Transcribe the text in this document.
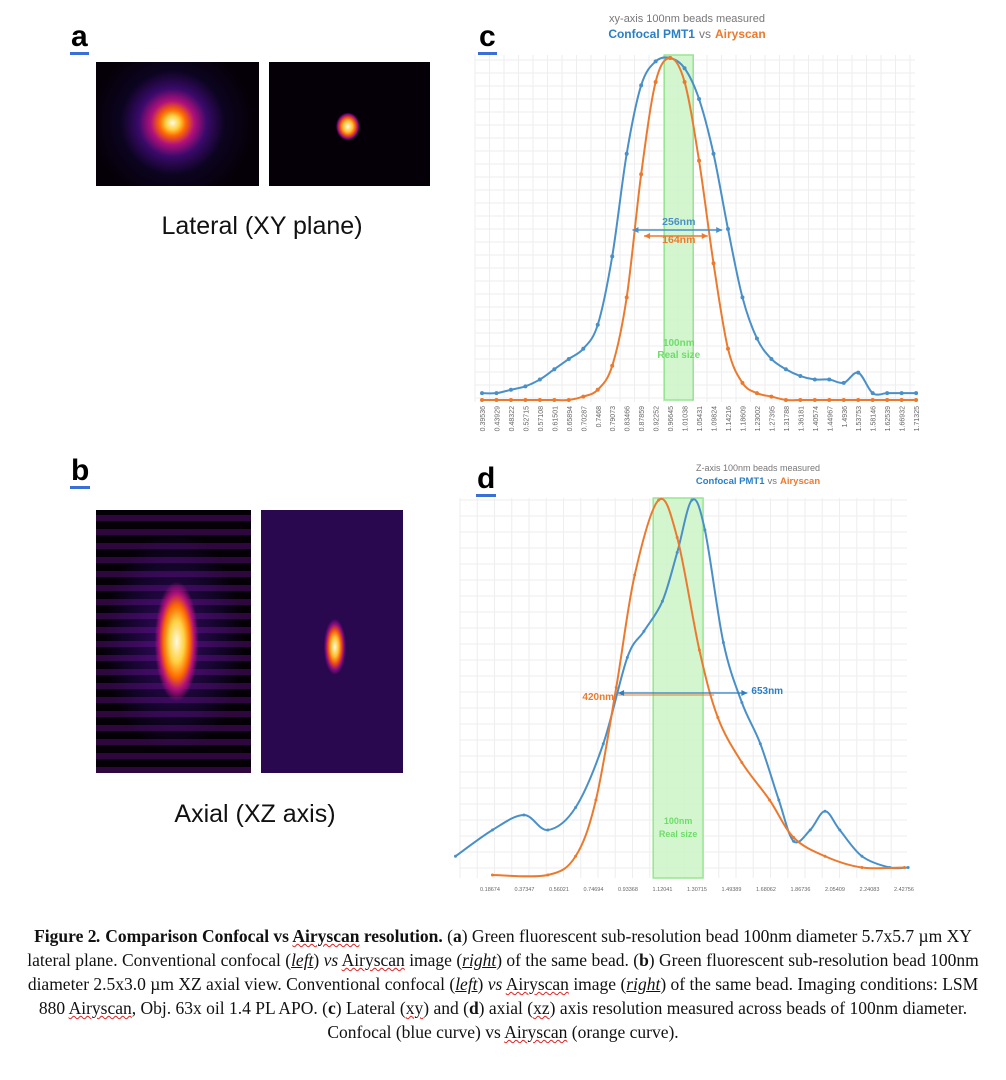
a
Lateral (XY plane)
b
Axial (XZ axis)
c
d
xy-axis 100nm beads measured
Confocal PMT1 vs Airyscan
100nm
Real size
0.39536 0.43929 0.48322 0.52715 0.57108 0.61501 0.65894 0.70287 0.7468 0.79073 0.83466 0.87859 0.92252 0.96645 1.01038 1.05431 1.09824 1.14216 1.18609 1.23002 1.27395 1.31788 1.36181 1.40574 1.44967 1.4936 1.53753 1.58146 1.62539 1.66932 1.71325
256nm
164nm
Z-axis 100nm beads measured
Confocal PMT1 vs Airyscan
100nm
Real size
0.18674	0.37347	0.56021	0.74694	0.93368	1.12041	1.30715	1.49389	1.68062	1.86736	2.05409	2.24083	2.42756
420nm
653nm
Figure 2. Comparison Confocal vs Airyscan resolution. (a) Green fluorescent sub-resolution bead 100nm diameter 5.7x5.7 µm XY lateral plane. Conventional confocal (left) vs Airyscan image (right) of the same bead. (b) Green fluorescent sub-resolution bead 100nm diameter 2.5x3.0 µm XZ axial view. Conventional confocal (left) vs Airyscan image (right) of the same bead. Imaging conditions: LSM 880 Airyscan, Obj. 63x oil 1.4 PL APO. (c) Lateral (xy) and (d) axial (xz) axis resolution measured across beads of 100nm diameter. Confocal (blue curve) vs Airyscan (orange curve).
